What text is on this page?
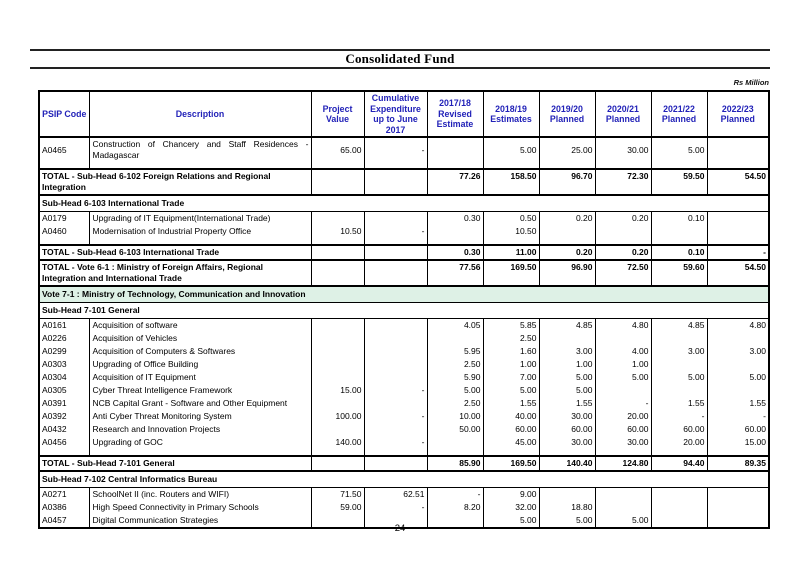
Consolidated Fund
Rs Million
PSIP Code	Description	Project Value	Cumulative Expenditure up to June 2017	2017/18 Revised Estimate	2018/19 Estimates	2019/20 Planned	2020/21 Planned	2021/22 Planned	2022/23 Planned
A0465	Construction of Chancery and Staff Residences - Madagascar	65.00	-		5.00	25.00	30.00	5.00	

TOTAL - Sub-Head 6-102 Foreign Relations and Regional Integration				77.26	158.50	96.70	72.30	59.50	54.50
Sub-Head 6-103 International Trade									
A0179	Upgrading of IT Equipment(International Trade)			0.30	0.50	0.20	0.20	0.10	
A0460	Modernisation of Industrial Property Office	10.50	-		10.50				

TOTAL - Sub-Head 6-103 International Trade				0.30	11.00	0.20	0.20	0.10	-
TOTAL - Vote 6-1 : Ministry of Foreign Affairs, Regional Integration and International Trade				77.56	169.50	96.90	72.50	59.60	54.50
Vote 7-1 : Ministry of Technology, Communication and Innovation									
Sub-Head 7-101 General									
A0161	Acquisition of software			4.05	5.85	4.85	4.80	4.85	4.80
A0226	Acquisition of Vehicles				2.50				
A0299	Acquisition of Computers & Softwares			5.95	1.60	3.00	4.00	3.00	3.00
A0303	Upgrading of Office Building			2.50	1.00	1.00	1.00		
A0304	Acquisition of IT Equipment			5.90	7.00	5.00	5.00	5.00	5.00
A0305	Cyber Threat Intelligence Framework	15.00	-	5.00	5.00	5.00			
A0391	NCB Capital Grant - Software and Other Equipment			2.50	1.55	1.55	-	1.55	1.55
A0392	Anti Cyber Threat Monitoring System	100.00	-	10.00	40.00	30.00	20.00	-	-
A0432	Research and Innovation Projects			50.00	60.00	60.00	60.00	60.00	60.00
A0456	Upgrading of GOC	140.00	-		45.00	30.00	30.00	20.00	15.00

TOTAL - Sub-Head 7-101 General				85.90	169.50	140.40	124.80	94.40	89.35
Sub-Head 7-102 Central Informatics Bureau									
A0271	SchoolNet II (inc. Routers and WIFI)	71.50	62.51	-	9.00				
A0386	High Speed Connectivity in Primary Schools	59.00	-	8.20	32.00	18.80			
A0457	Digital Communication Strategies				5.00	5.00	5.00		
24
